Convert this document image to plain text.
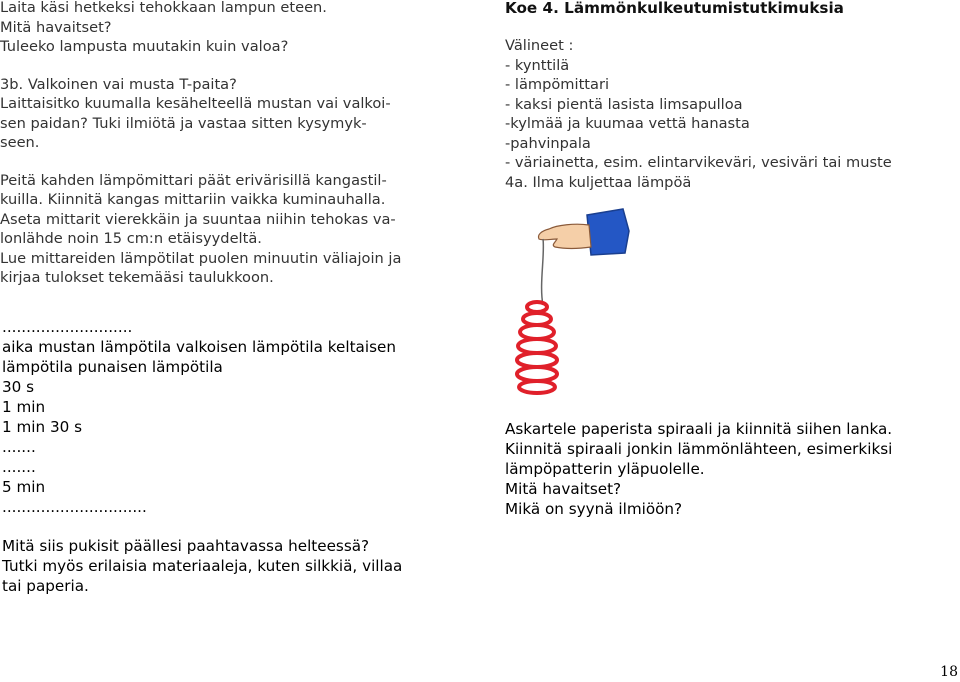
Laita käsi hetkeksi tehokkaan lampun eteen.
Mitä havaitset?
Tuleeko lampusta muutakin kuin valoa?
3b. Valkoinen vai musta T-paita?
Laittaisitko kuumalla kesähelteellä mustan vai valkoi-
sen paidan? Tuki ilmiötä ja vastaa sitten kysymyk-
seen.
Peitä kahden lämpömittari päät erivärisillä kangastil-
kuilla. Kiinnitä kangas mittariin vaikka kuminauhalla.
Aseta mittarit vierekkäin ja suuntaa niihin tehokas va-
lonlähde noin 15 cm:n etäisyydeltä.
Lue mittareiden lämpötilat puolen minuutin väliajoin ja
kirjaa tulokset tekemääsi taulukkoon.
...........................
aika mustan lämpötila valkoisen lämpötila keltaisen
lämpötila punaisen lämpötila
30 s
1 min
1 min 30 s
.......
.......
5 min
..............................
Mitä siis pukisit päällesi paahtavassa helteessä?
Tutki myös erilaisia materiaaleja, kuten silkkiä, villaa
tai paperia.
Koe 4. Lämmönkulkeutumistutkimuksia
Välineet :
- kynttilä
- lämpömittari
- kaksi pientä lasista limsapulloa
-kylmää ja kuumaa vettä hanasta
-pahvinpala
- väriainetta, esim. elintarvikeväri, vesiväri tai muste
4a. Ilma kuljettaa lämpöä
Askartele paperista spiraali ja kiinnitä siihen lanka.
Kiinnitä spiraali jonkin lämmönlähteen, esimerkiksi
lämpöpatterin yläpuolelle.
Mitä havaitset?
Mikä on syynä ilmiöön?
18
